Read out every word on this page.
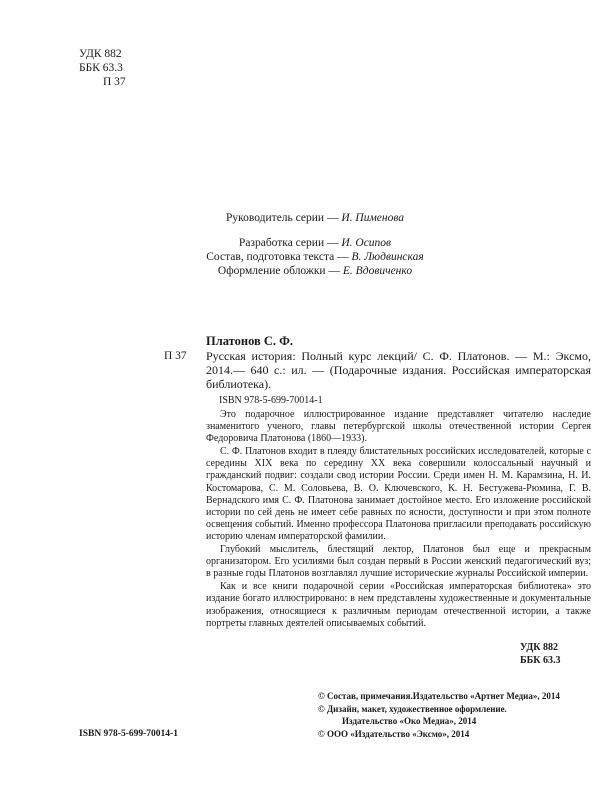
УДК 882
ББК 63.3
П 37
Руководитель серии — И. Пименова
Разработка серии — И. Осипов
Состав, подготовка текста — В. Людвинская
Оформление обложки — Е. Вдовиченко
Платонов С. Ф.
П 37 Русская история: Полный курс лекций/ С. Ф. Платонов. — М.: Эксмо, 2014.— 640 с.: ил. — (Подарочные издания. Российская императорская библиотека).
ISBN 978-5-699-70014-1

Это подарочное иллюстрированное издание представляет читателю наследие знаменитого ученого, главы петербургской школы отечественной истории Сергея Федоровича Платонова (1860—1933).

С. Ф. Платонов входит в плеяду блистательных российских исследователей, которые с середины XIX века по середину XX века совершили колоссальный научный и гражданский подвиг: создали свод истории России. Среди имен Н. М. Карамзина, Н. И. Костомарова, С. М. Соловьева, В. О. Ключевского, К. Н. Бестужева-Рюмина, Г. В. Вернадского имя С. Ф. Платонова занимает достойное место. Его изложение российской истории по сей день не имеет себе равных по ясности, доступности и при этом полноте освещения событий. Именно профессора Платонова пригласили преподавать российскую историю членам императорской фамилии.

Глубокий мыслитель, блестящий лектор, Платонов был еще и прекрасным организатором. Его усилиями был создан первый в России женский педагогический вуз; в разные годы Платонов возглавлял лучшие исторические журналы Российской империи.

Как и все книги подарочной серии «Российская императорская библиотека» это издание богато иллюстрировано: в нем представлены художественные и документальные изображения, относящиеся к различным периодам отечественной истории, а также портреты главных деятелей описываемых событий.

УДК 882
ББК 63.3
© Состав, примечания.Издательство «Артнет Медиа», 2014
© Дизайн, макет, художественное оформление.
Издательство «Око Медиа», 2014
© ООО «Издательство «Эксмо», 2014
ISBN 978-5-699-70014-1
